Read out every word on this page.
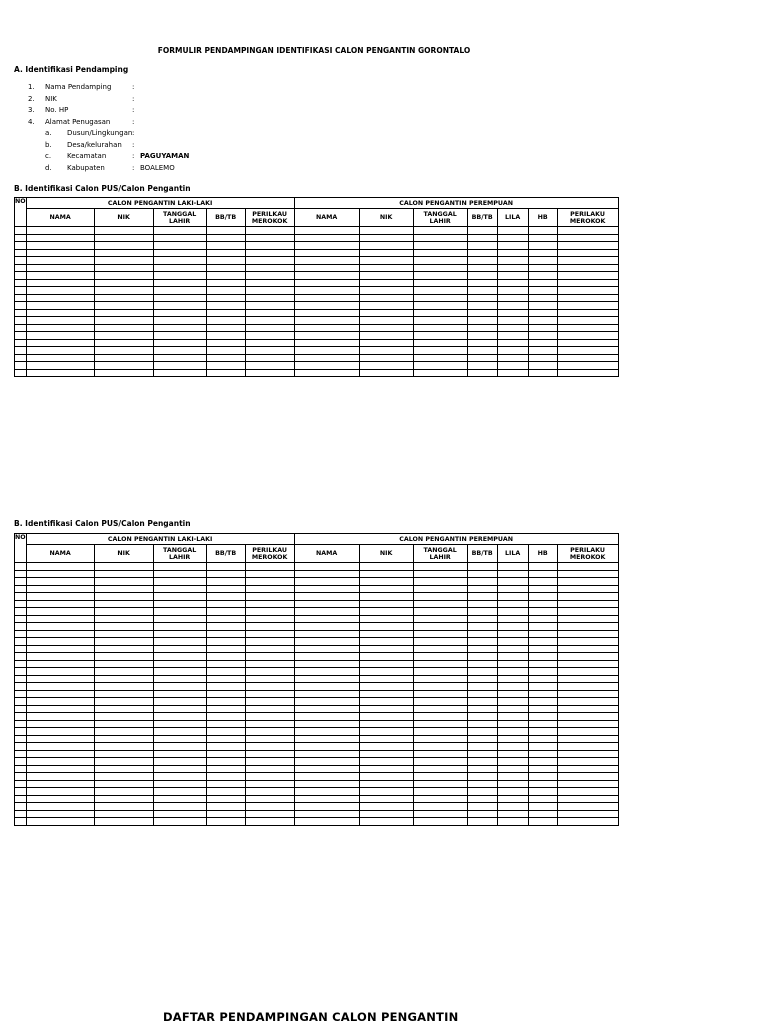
FORMULIR PENDAMPINGAN IDENTIFIKASI CALON PENGANTIN GORONTALO
A. Identifikasi Pendamping
1.	Nama Pendamping	:
2.	NIK	:
3.	No. HP	:
4.	Alamat Penugasan	:
a.	Dusun/Lingkungan :
b.	Desa/kelurahan	:
c.	Kecamatan	: PAGUYAMAN
d.	Kabupaten	: BOALEMO
B. Identifikasi Calon PUS/Calon Pengantin
NO	CALON PENGANTIN LAKI-LAKI					CALON PENGANTIN PEREMPUAN						
	NAMA	NIK	TANGGAL LAHIR	BB/TB	PERILKAU MEROKOK	NAMA	NIK	TANGGAL LAHIR	BB/TB	LILA	HB	PERILAKU MEROKOK

B. Identifikasi Calon PUS/Calon Pengantin
NO	CALON PENGANTIN LAKI-LAKI					CALON PENGANTIN PEREMPUAN						
	NAMA	NIK	TANGGAL LAHIR	BB/TB	PERILKAU MEROKOK	NAMA	NIK	TANGGAL LAHIR	BB/TB	LILA	HB	PERILAKU MEROKOK

DAFTAR PENDAMPINGAN CALON PENGANTIN
